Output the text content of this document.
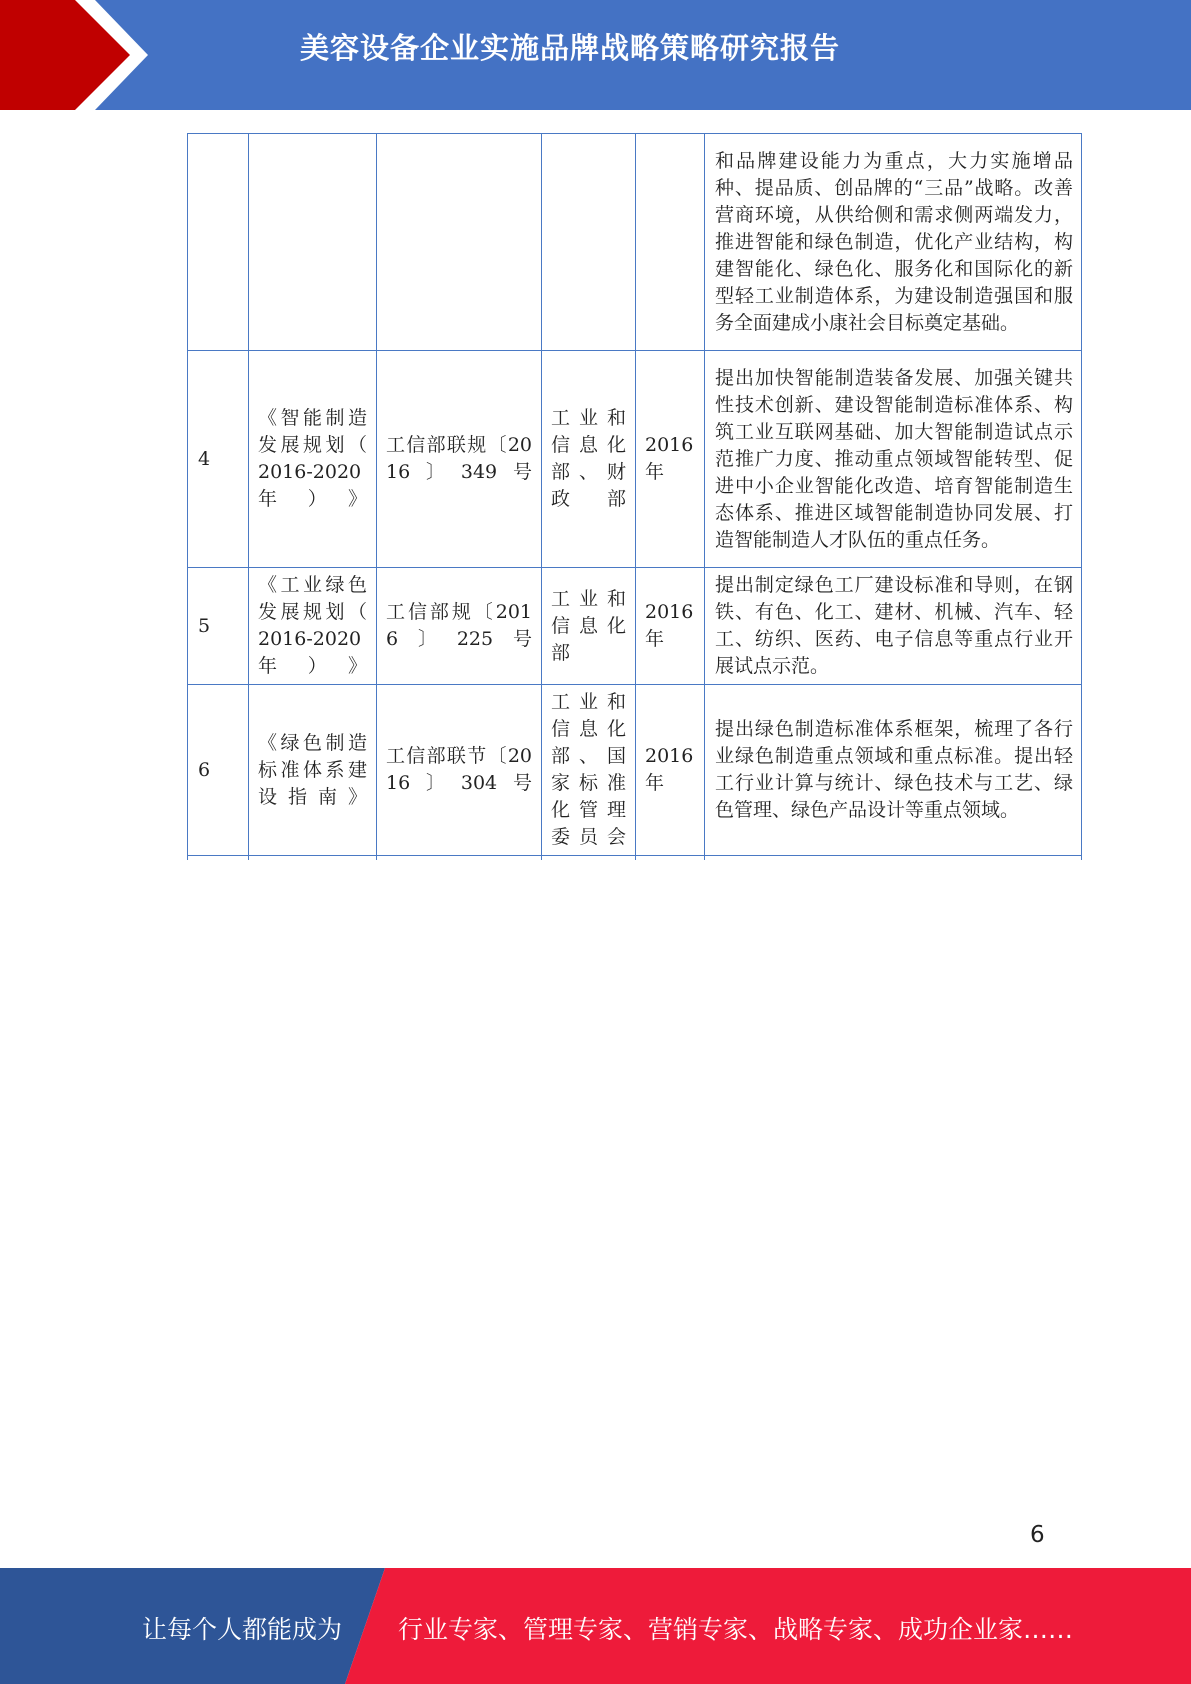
美容设备企业实施品牌战略策略研究报告
					和品牌建设能力为重点，大力实施增品种、提品质、创品牌的“三品”战略。改善营商环境，从供给侧和需求侧两端发力，推进智能和绿色制造，优化产业结构，构建智能化、绿色化、服务化和国际化的新型轻工业制造体系，为建设制造强国和服务全面建成小康社会目标奠定基础。
4	《智能制造发展规划（ 2016-2020年）》	工信部联规〔2016〕349号	工业和信息化部、财政部	2016年	提出加快智能制造装备发展、加强关键共性技术创新、建设智能制造标准体系、构筑工业互联网基础、加大智能制造试点示范推广力度、推动重点领域智能转型、促进中小企业智能化改造、培育智能制造生态体系、推进区域智能制造协同发展、打造智能制造人才队伍的重点任务。
5	《工业绿色发展规划（ 2016-2020年）》	工信部规〔2016〕225号	工业和信息化部	2016年	提出制定绿色工厂建设标准和导则，在钢铁、有色、化工、建材、机械、汽车、轻工、纺织、医药、电子信息等重点行业开展试点示范。
6	《绿色制造标准体系建设指南》	工信部联节〔2016〕304号	工业和信息化部、国家标准化管理委员会	2016年	提出绿色制造标准体系框架，梳理了各行业绿色制造重点领域和重点标准。提出轻工行业计算与统计、绿色技术与工艺、绿色管理、绿色产品设计等重点领域。

6
让每个人都能成为 行业专家、管理专家、营销专家、战略专家、成功企业家……
